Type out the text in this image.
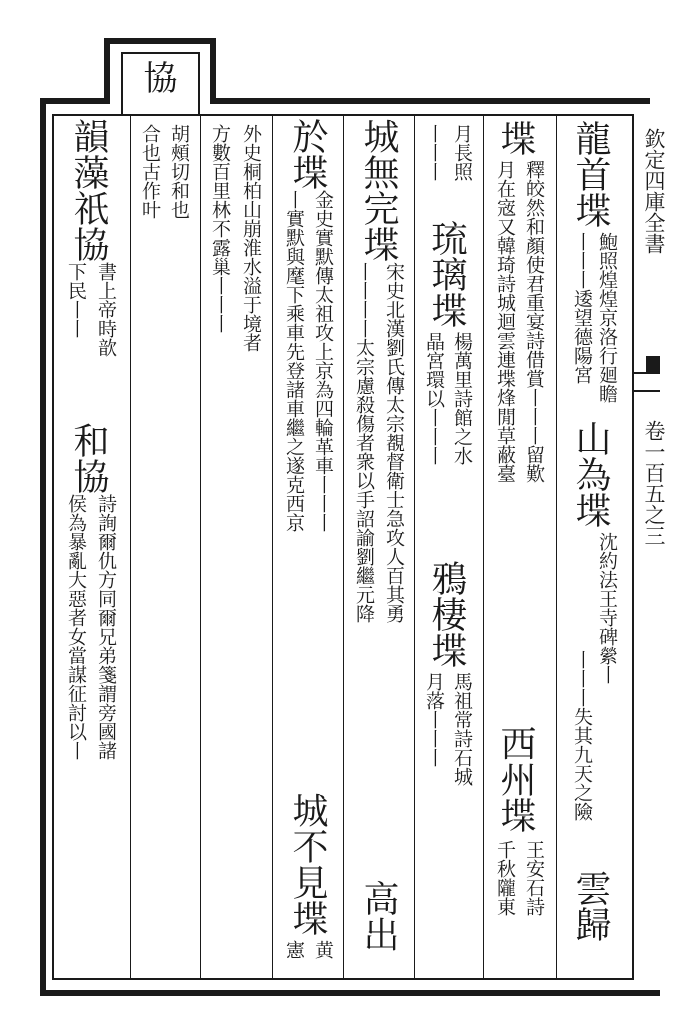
協
欽定四庫全書
卷一百五之三
龍首堞
鮑照煌煌京洛行廻瞻
山為堞
沈約法王寺碑縈丨
雲歸
丨丨丨逶望德陽宮
丨丨丨失其九天之險
堞
釋皎然和顏使君重宴詩借賞丨丨丨留歎
西州堞
王安石詩
月在宼又韓琦詩城迴雲連堞烽閒草蔽臺
千秋隴東
月長照
琉璃堞
楊萬里詩館之水
丨丨丨
晶宮環以丨丨丨
鴉棲堞
馬祖常詩石城
月落丨丨丨
城無完堞
宋史北漢劉氏傳太宗覩督衛士急攻人百其勇
高出
丨丨丨丨太宗慮殺傷者衆以手詔諭劉繼元降
於堞
金史實默傳太祖攻上京為四輪革車丨丨丨
城不見堞
黄
丨實默與麾下乘車先登諸車繼之遂克西京
憲
外史桐柏山崩淮水溢于境者
方數百里林不露巢丨丨丨
胡頰切和也
合也古作叶
韻藻祇協
書上帝時歆
和協
詩詢爾仇方同爾兄弟箋謂旁國諸
下民丨丨
侯為暴亂大惡者女當謀征討以丨
